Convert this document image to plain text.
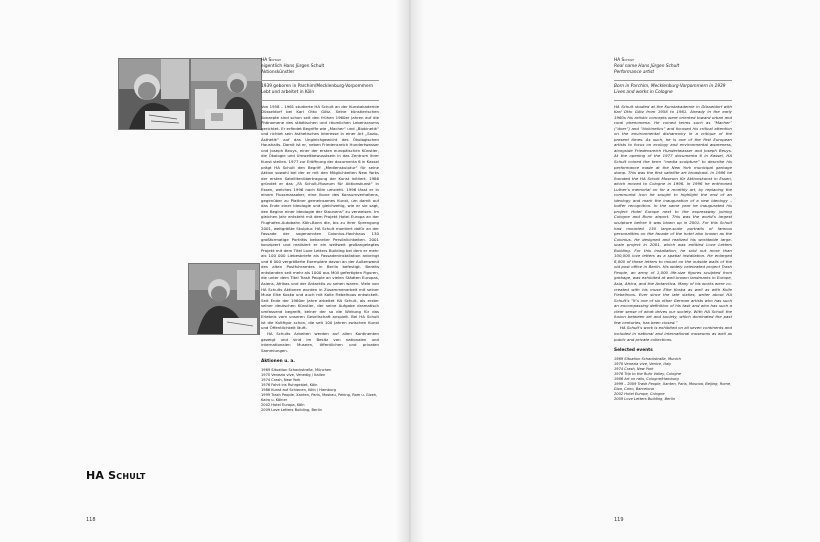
HA Schult
118	119
HA Schult
eigentlich Hans Jürgen Schult
Aktionskünstler
1939 geboren in Parchim/Mecklenburg-Vorpommern
Lebt und arbeitet in Köln
Von 1958 – 1961 studierte HA Schult an der Kunstakademie Düsseldorf bei Karl Otto Götz. Seine künstlerischen Konzepte sind schon seit den frühen 1960er Jahren auf die Phänomene des städtischen und räumlichen Lebensraums gerichtet. Er erfindet Begriffe wie „Macher“ und „Biokinetik“ und richtet sein ästhetisches Interesse in einer Art „Sozio-Ästhetik“ auf das Ungleichgewicht des Ökologischen Haushalts. Damit ist er, neben Friedensreich Hundertwasser und Joseph Beuys, einer der ersten europäischen Künstler, die Ökologie und Umweltbewusstsein in das Zentrum ihrer Kunst stellen. 1977 zur Eröffnung der documenta 6 in Kassel prägt HA Schult den Begriff „Medienskulptur“ für seine Aktion sowohl bei der er mit den Möglichkeiten New Yorks der ersten Satellitenübertragung der Kunst initiiert. 1986 gründet er das „FA Schult-Museum für Aktionskunst“ in Essen, welches 1996 nach Köln umzieht. 1996 lässt er in einem Flussmassaker, eine Ikone des Konsumverhaltens, gegenüber zu Plattner gemeinsames Kunst, um damit auf das Ende einer Ideologie und gleichzeitig, wie er sie sagt, den Beginn einer Ideologie der Staunens“ zu verweisen. Im gleichen Jahr entsteht mit dem Projekt Hotel Europa an der Flughafen-Autobahn Köln-Bonn die, bis zu ihrer Sprengung 2001, weltgrößte Skulptur. HA Schult montiert dafür an der Fassade der sogenannten Colonius-Hochhaus 130 großformatige Porträts bekannter Persönlichkeiten. 2001 konzipiert und realisiert er ein weltweit großangelegtes Projekt mit dem Titel Love Letters Building bei dem er mehr als 100 000 Liebesbriefe als Fassadeninstallation anbringt und 6 000 vergrößerte Exemplare davon an der Außenwand des alten Postfuhramtes in Berlin befestigt. Bereits entstanden seit mehr als 1000 aus Müll gefertigten Figuren, die unter dem Titel Trash People an vielen Städten Europas, Asiens, Afrikas und der Antarktis zu sehen waren. Viele von HA Schults Aktionen wurden in Zusammenarbeit mit seiner Muse Elke Koska und auch mit Kolle Fiebelhoos entwickelt. Seit Ende der 1960er Jahre arbeitet HA Schult, als erster seiner deutschen Künstler, der seine Aufgabe dramatisch umfassend begreift, keiner der so die Wirkung für das Erlebnis vom unseren Gesellschaft anspielt. Bei HA Schult ist die Kultfigur schon, die seit 100 Jahren zwischen Kunst und Öffentlichkeit läuft.
HA Schults Arbeiten werden auf allen Kontinenten gezeigt und sind im Besitz von nationalen und internationalen Museen, öffentlichen und privaten Sammlungen.
Aktionen u. a.
1969 Situation Schackstraße, München
1970 Venezia vive, Venedig / Italien
1974 Crash, New York
1976 Fahrt ins Ruhrgebiet, Köln
1986 Kunst auf Schienen, Köln / Hamburg
1999 Trash People, Xanten, Paris, Moskau, Peking, Rom u. Gizeh, Kairo u. Kölner
2002 Hotel Europa, Köln
2009 Love Letters Building, Berlin
HA Schult
Real name Hans Jürgen Schult
Performance artist
Born in Parchim, Mecklenburg-Vorpommern in 1939
Lives and works in Cologne
HA Schult studied at the Kunstakademie in Düsseldorf with Karl Otto Götz from 1958 to 1961. Already in the early 1960s his artistic concepts were oriented toward urban and rural phenomena. He coined terms such as “Macher” (“doer”) and “biokinetics” and focused his critical attention on the environmental disharmony in a critique of the present times. As such, he is one of the first European artists to focus on ecology and environmental awareness, alongside Friedensreich Hundertwasser and Joseph Beuys. At the opening of the 1977 documenta 6 in Kassel, HA Schult coined the term “media sculpture” to describe his performance made at the New York municipal garbage dump. This was the first satellite art broadcast. In 1986 he founded the HA Schult Museum für Aktionskunst in Essen, which moved to Cologne in 1996. In 1996 he enthroned Luther’s memorial on for a monthly art, by replacing the communist icon he sought to highlight the end of an ideology and mark the inauguration of a new ideology – buffer recognition. In the same year he inaugurated his project Hotel Europe next to the expressway joining Cologne and Bonn airport. This was the world’s largest sculpture before it was blown up in 2001. For this Schult had mounted 130 large-scale portraits of famous personalities on the facade of the hotel also known as the Colonius. He designed and realized his worldwide large-scale project in 2001, which was entitled Love Letters Building. For this installation, he sold out more than 100,000 love letters as a spatial installation. He enlarged 6,000 of these letters to mount on the outside walls of the old post office in Berlin. His widely celebrated project Trash People, an army of 1,000 life-size figures sculpted from garbage, was exhibited at well-known landmarks in Europe, Asia, Africa, and the Antarctica. Many of his works were co-created with his muse Elke Koska as well as with Kolle Fiebelhoos. Ever since the late sixties, writer about HA Schult’s “It’s one of six other German artists who has such an encompassing definition of his task and who has such a clear sense of what drives our society. With HA Schult the fusion between art and society, which dominated the past few centuries, has been closed.”
HA Schult’s work is exhibited on all seven continents and included in national and international museums as well as public and private collections.
Selected events
1969 Situation Schackstraße, Munich
1970 Venezia vive, Venice, Italy
1974 Crash, New York
1976 Trip to the Ruhr Valley, Cologne
1986 Art on rails, Cologne/Hamburg
1999 – 2009 Trash People, Xanten, Paris, Moscow, Beijing, Rome, Giza, Cairo, Barcelona
2002 Hotel Europe, Cologne
2009 Love Letters Building, Berlin
